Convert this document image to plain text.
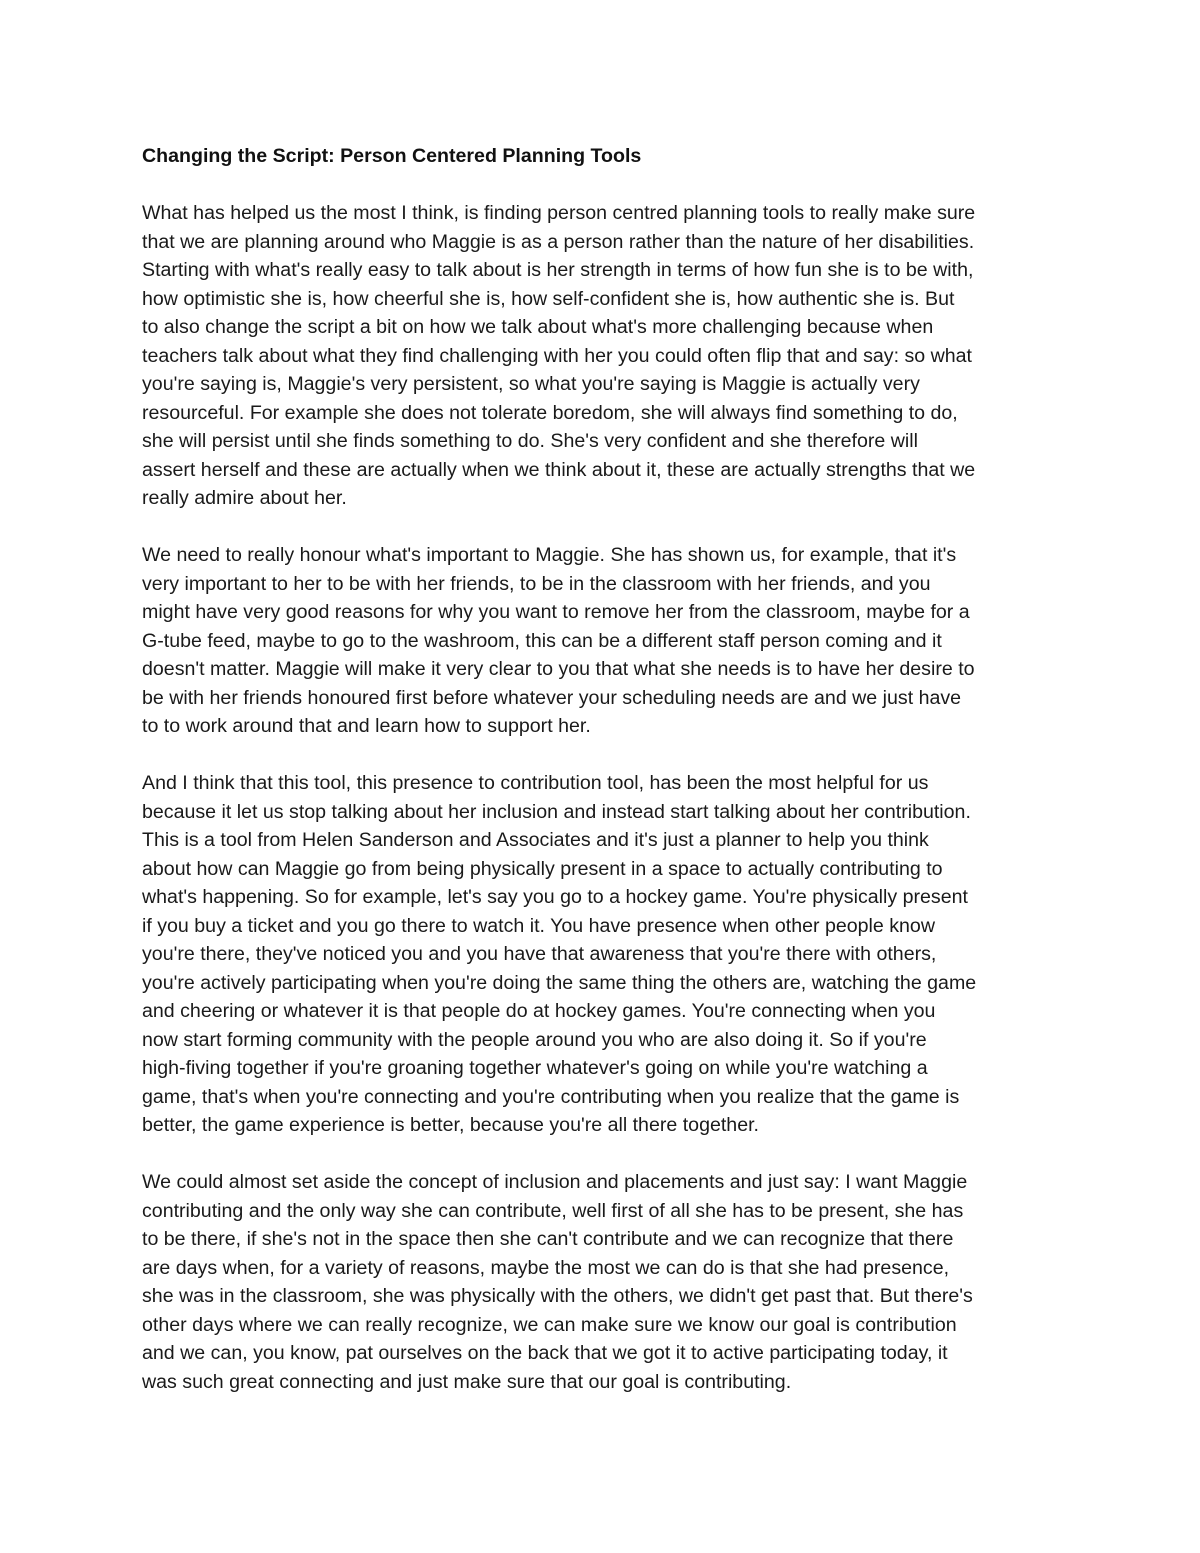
Changing the Script: Person Centered Planning Tools

What has helped us the most I think, is finding person centred planning tools to really make sure
that we are planning around who Maggie is as a person rather than the nature of her disabilities.
Starting with what's really easy to talk about is her strength in terms of how fun she is to be with,
how optimistic she is, how cheerful she is, how self-confident she is, how authentic she is. But
to also change the script a bit on how we talk about what's more challenging because when
teachers talk about what they find challenging with her you could often flip that and say: so what
you're saying is, Maggie's very persistent, so what you're saying is Maggie is actually very
resourceful. For example she does not tolerate boredom, she will always find something to do,
she will persist until she finds something to do. She's very confident and she therefore will
assert herself and these are actually when we think about it, these are actually strengths that we
really admire about her.

We need to really honour what's important to Maggie. She has shown us, for example, that it's
very important to her to be with her friends, to be in the classroom with her friends, and you
might have very good reasons for why you want to remove her from the classroom, maybe for a
G-tube feed, maybe to go to the washroom, this can be a different staff person coming and it
doesn't matter. Maggie will make it very clear to you that what she needs is to have her desire to
be with her friends honoured first before whatever your scheduling needs are and we just have
to to work around that and learn how to support her.

And I think that this tool, this presence to contribution tool, has been the most helpful for us
because it let us stop talking about her inclusion and instead start talking about her contribution.
This is a tool from Helen Sanderson and Associates and it's just a planner to help you think
about how can Maggie go from being physically present in a space to actually contributing to
what's happening. So for example, let's say you go to a hockey game. You're physically present
if you buy a ticket and you go there to watch it. You have presence when other people know
you're there, they've noticed you and you have that awareness that you're there with others,
you're actively participating when you're doing the same thing the others are, watching the game
and cheering or whatever it is that people do at hockey games. You're connecting when you
now start forming community with the people around you who are also doing it. So if you're
high-fiving together if you're groaning together whatever's going on while you're watching a
game, that's when you're connecting and you're contributing when you realize that the game is
better, the game experience is better, because you're all there together.

We could almost set aside the concept of inclusion and placements and just say: I want Maggie
contributing and the only way she can contribute, well first of all she has to be present, she has
to be there, if she's not in the space then she can't contribute and we can recognize that there
are days when, for a variety of reasons, maybe the most we can do is that she had presence,
she was in the classroom, she was physically with the others, we didn't get past that. But there's
other days where we can really recognize, we can make sure we know our goal is contribution
and we can, you know, pat ourselves on the back that we got it to active participating today, it
was such great connecting and just make sure that our goal is contributing.
